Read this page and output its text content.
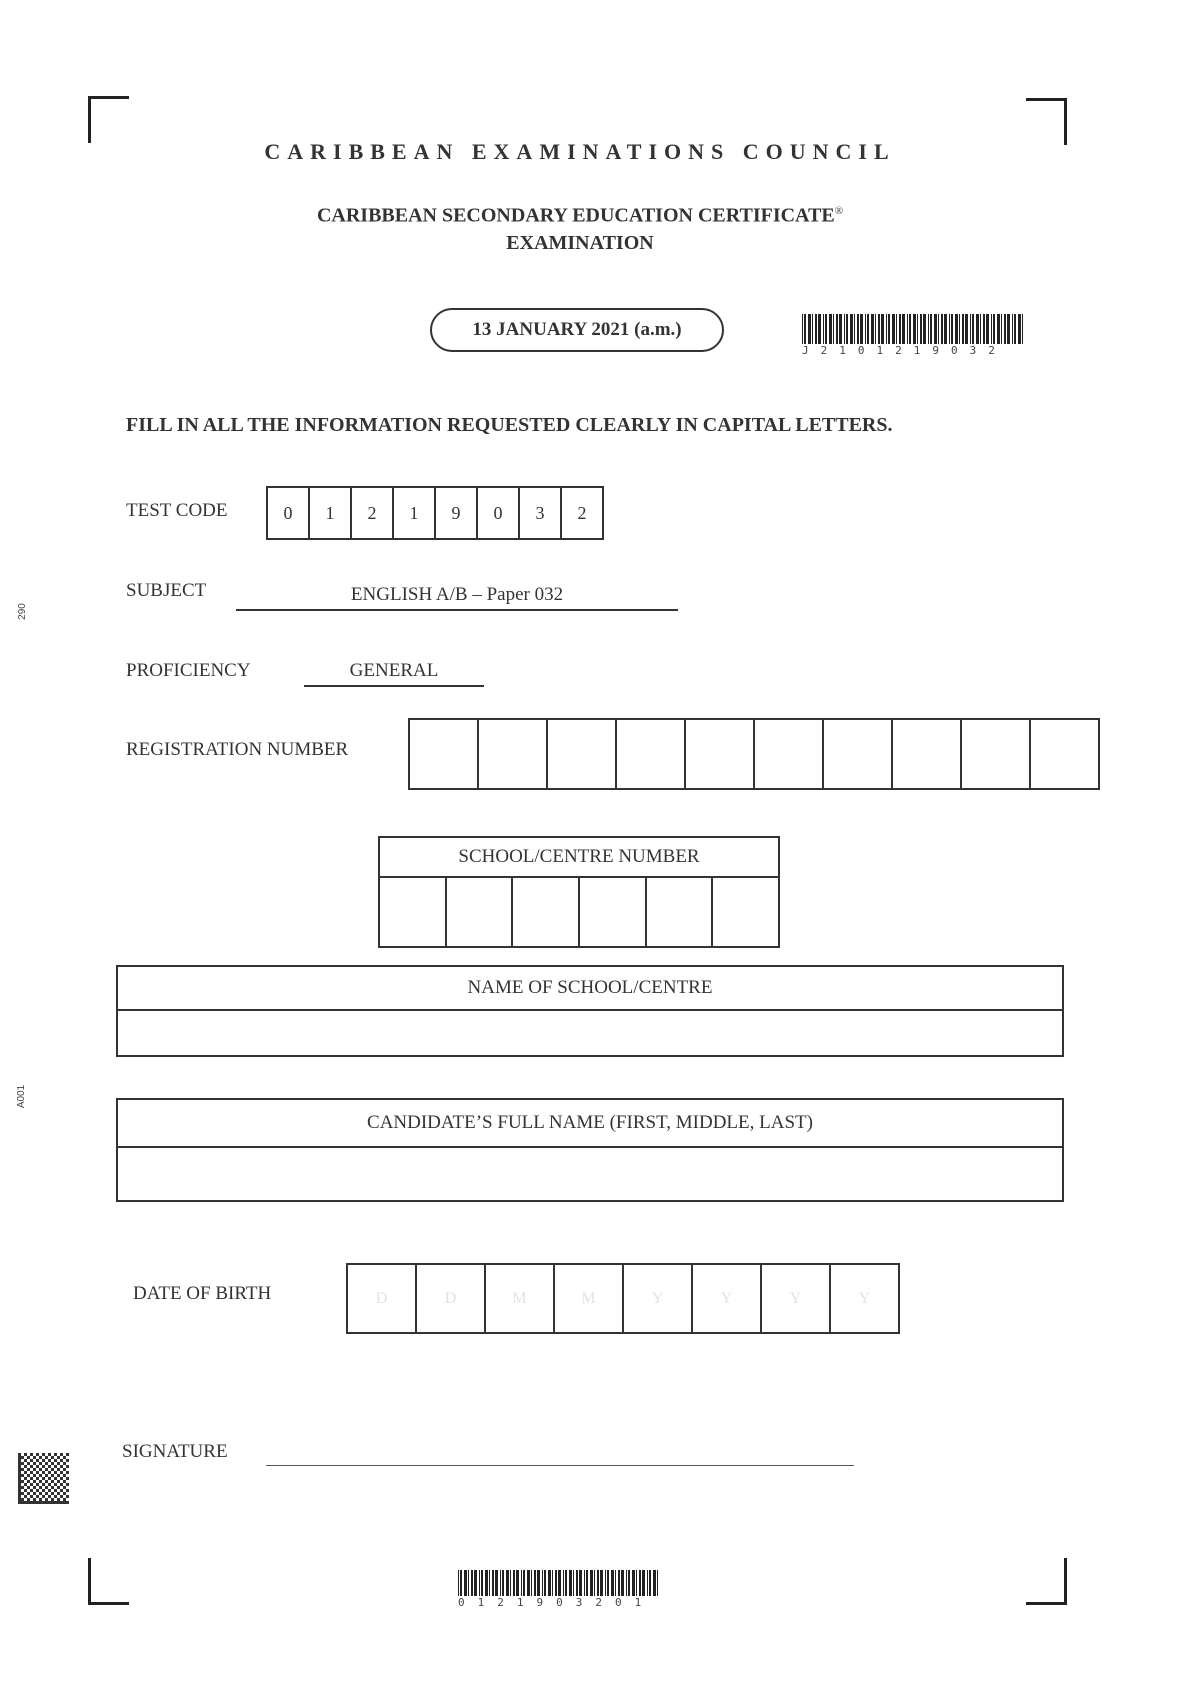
290
A001
CARIBBEAN EXAMINATIONS COUNCIL
CARIBBEAN SECONDARY EDUCATION CERTIFICATE®
EXAMINATION
13 JANUARY 2021 (a.m.)
J2101219032
FILL IN ALL THE INFORMATION REQUESTED CLEARLY IN CAPITAL LETTERS.
TEST CODE	0	1	2	1	9	0	3	2
SUBJECT	ENGLISH A/B – Paper 032
PROFICIENCY	GENERAL
REGISTRATION NUMBER
SCHOOL/CENTRE NUMBER
NAME OF SCHOOL/CENTRE
CANDIDATE’S FULL NAME (FIRST, MIDDLE, LAST)
DATE OF BIRTH	D	D	M	M	Y	Y	Y	Y
SIGNATURE
0121903201
